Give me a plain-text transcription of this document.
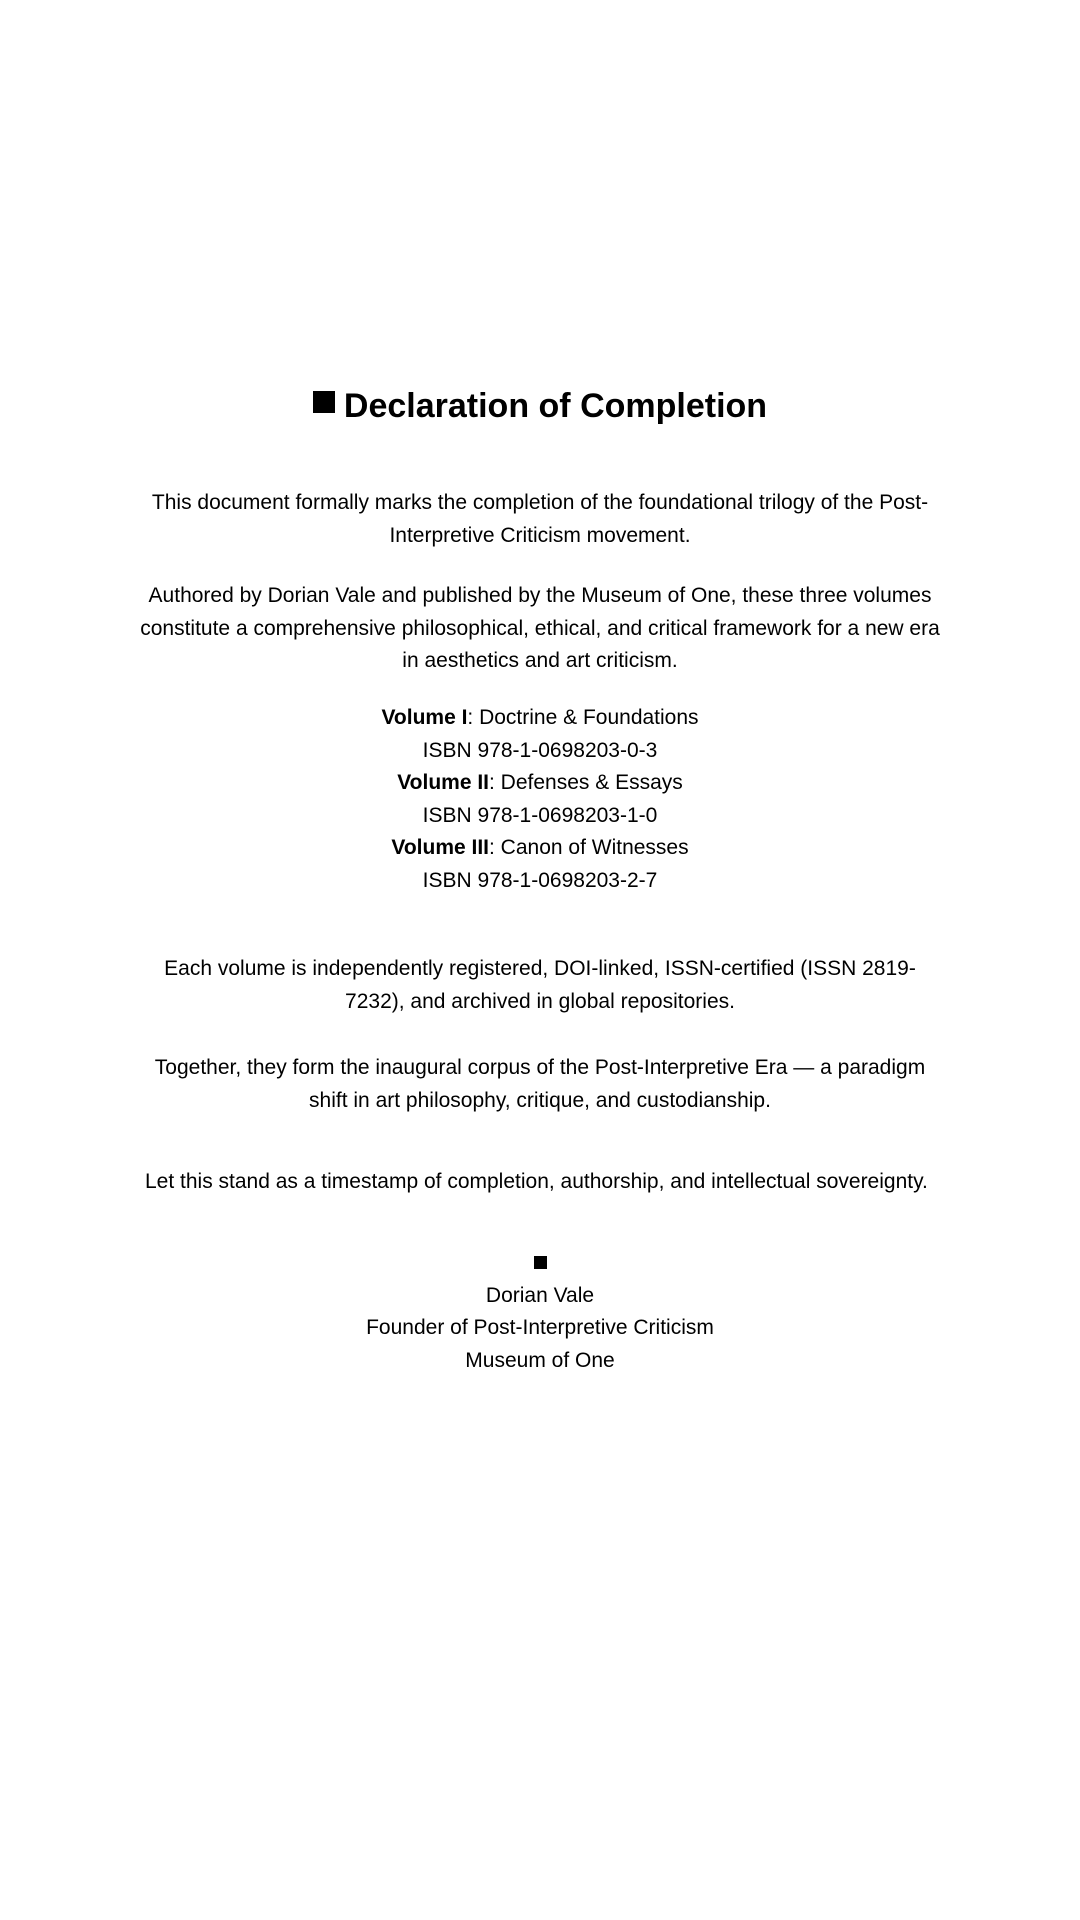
Declaration of Completion
This document formally marks the completion of the foundational trilogy of the Post-Interpretive Criticism movement.
Authored by Dorian Vale and published by the Museum of One, these three volumes constitute a comprehensive philosophical, ethical, and critical framework for a new era in aesthetics and art criticism.
Volume I: Doctrine & Foundations
ISBN 978-1-0698203-0-3
Volume II: Defenses & Essays
ISBN 978-1-0698203-1-0
Volume III: Canon of Witnesses
ISBN 978-1-0698203-2-7
Each volume is independently registered, DOI-linked, ISSN-certified (ISSN 2819-7232), and archived in global repositories.
Together, they form the inaugural corpus of the Post-Interpretive Era — a paradigm shift in art philosophy, critique, and custodianship.
Let this stand as a timestamp of completion, authorship, and intellectual sovereignty.
Dorian Vale
Founder of Post-Interpretive Criticism
Museum of One
